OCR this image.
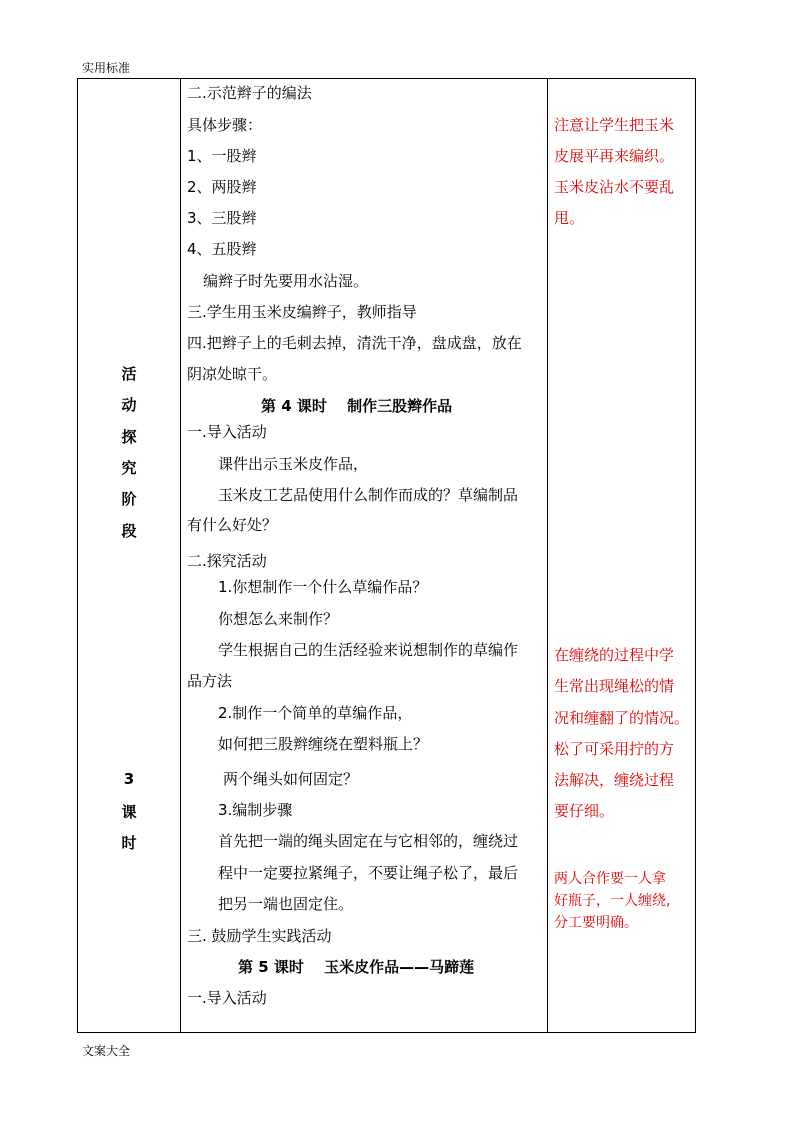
实用标准
活
动
探
究
阶
段
3
课
时
二.示范辫子的编法
具体步骤：
1、一股辫
2、两股辫
3、三股辫
4、五股辫
编辫子时先要用水沾湿。
三.学生用玉米皮编辫子，教师指导
四.把辫子上的毛刺去掉，清洗干净，盘成盘，放在
阴凉处晾干。
第 4 课时　 制作三股辫作品
一.导入活动
课件出示玉米皮作品，
玉米皮工艺品使用什么制作而成的？草编制品
有什么好处？
二.探究活动
1.你想制作一个什么草编作品？
你想怎么来制作？
学生根据自己的生活经验来说想制作的草编作
品方法
2.制作一个简单的草编作品，
如何把三股辫缠绕在塑料瓶上？
两个绳头如何固定？
3.编制步骤
首先把一端的绳头固定在与它相邻的，缠绕过
程中一定要拉紧绳子，不要让绳子松了，最后
把另一端也固定住。
三. 鼓励学生实践活动
第 5 课时　 玉米皮作品——马蹄莲
一.导入活动
注意让学生把玉米
皮展平再来编织。
玉米皮沾水不要乱
甩。
在缠绕的过程中学
生常出现绳松的情
况和缠翻了的情况。
松了可采用拧的方
法解决，缠绕过程
要仔细。
两人合作要一人拿
好瓶子，一人缠绕,
分工要明确。
文案大全
